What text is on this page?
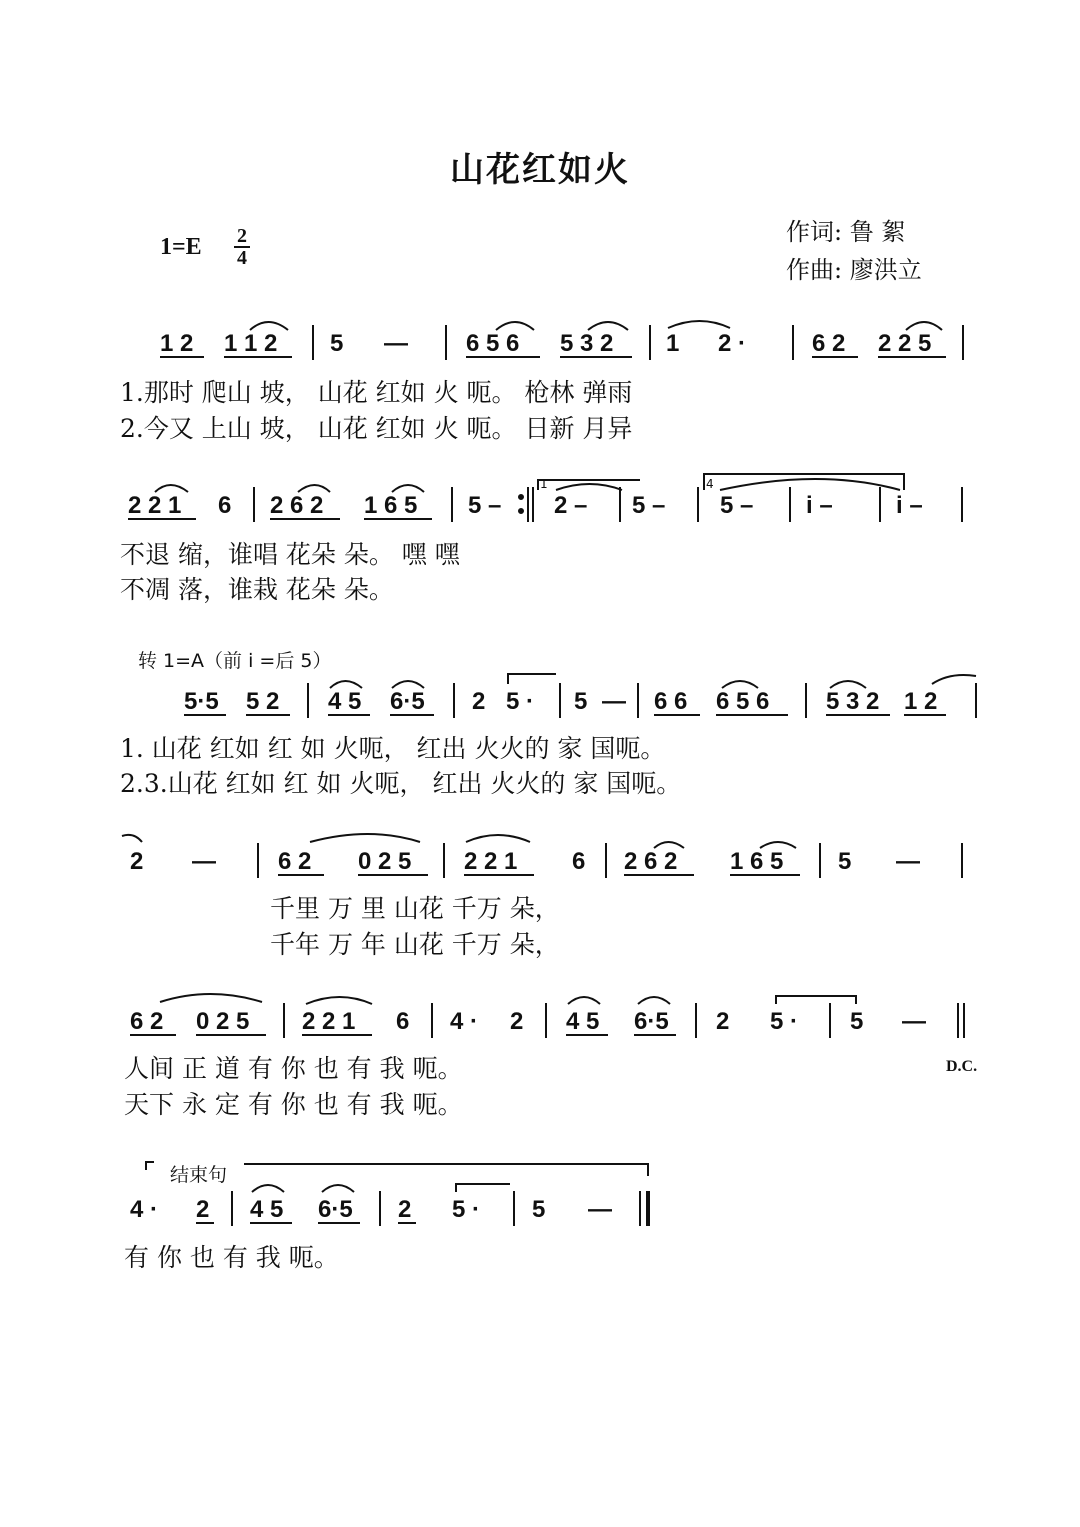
山花红如火
$1=E \frac{2}{4}$	作词: 鲁 絮
作曲: 廖洪立
1 2 1 1 2 5 — 6 5 6 5 3 2 1 2 ·	6 2 2 2 5
1.那时 爬山 坡， 山花 红如 火 呃。 枪林 弹雨
2.今又 上山 坡， 山花 红如 火 呃。 日新 月异
2 2 1 6 2 6 2 1 6 5 5 – 2 – 5 – 5 – i –	i –
1	4
不退 缩，谁唱 花朵 朵。 嘿 嘿
不凋 落，谁栽 花朵 朵。
转 1=A（前 i̇ =后 5）
5·5 5 2 4 5 6·5 2 5 · 5 — 6 6 6 5 6 5 3 2 1 2
1. 山花 红如 红 如 火呃， 红出 火火的 家 国呃。
2.3.山花 红如 红 如 火呃， 红出 火火的 家 国呃。
2 —	6 2 0 2 5 2 2 1 6 2 6 2 1 6 5 5 —
千里 万 里 山花 千万 朵，
千年 万 年 山花 千万 朵，
6 2 0 2 5 2 2 1 6 4 · 2 4 5 6·5 2 5 · 5 —
人间 正 道 有 你 也 有 我 呃。
天下 永 定 有 你 也 有 我 呃。
D.C.
结束句
4 · 2 4 5 6·5 2 5 · 5 —
有 你 也 有 我 呃。
